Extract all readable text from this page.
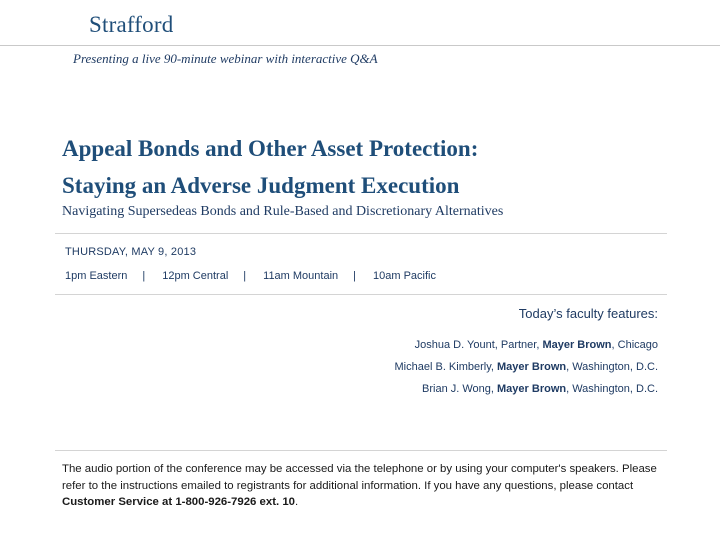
Strafford
Presenting a live 90-minute webinar with interactive Q&A
Appeal Bonds and Other Asset Protection:
Staying an Adverse Judgment Execution
Navigating Supersedeas Bonds and Rule-Based and Discretionary Alternatives
THURSDAY, MAY 9, 2013
1pm Eastern	|	12pm Central	|	11am Mountain	|	10am Pacific
Today’s faculty features:
Joshua D. Yount, Partner, Mayer Brown, Chicago
Michael B. Kimberly, Mayer Brown, Washington, D.C.
Brian J. Wong, Mayer Brown, Washington, D.C.
The audio portion of the conference may be accessed via the telephone or by using your computer's speakers. Please refer to the instructions emailed to registrants for additional information. If you have any questions, please contact Customer Service at 1-800-926-7926 ext. 10.
